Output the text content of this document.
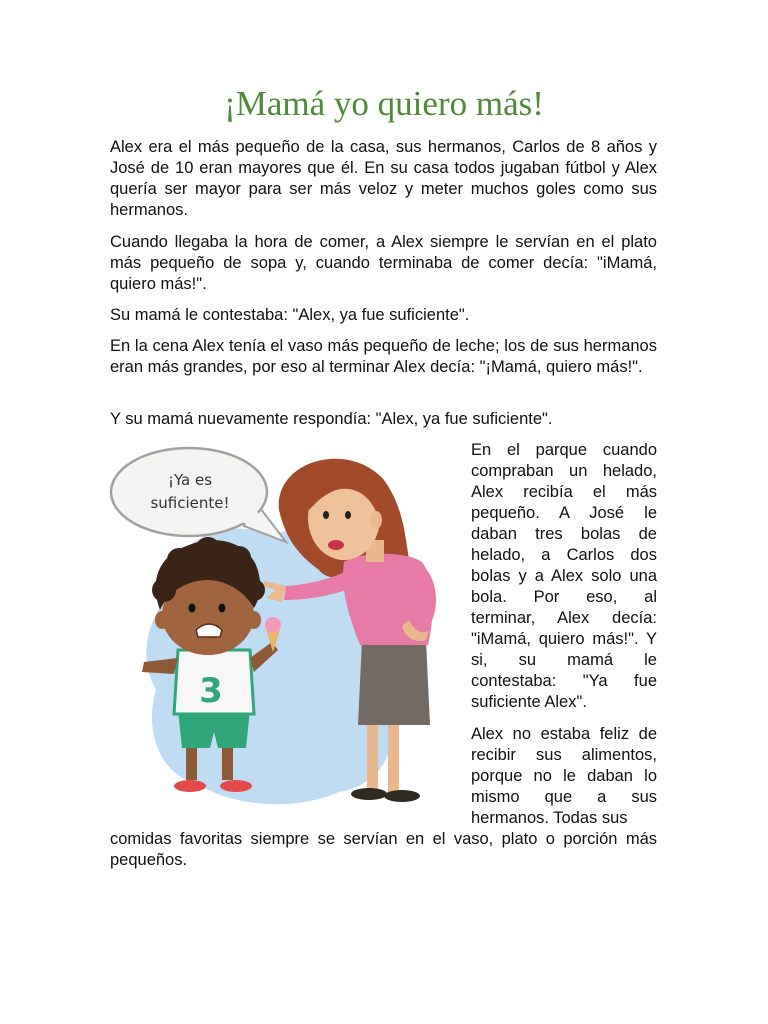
¡Mamá yo quiero más!

Alex era el más pequeño de la casa, sus hermanos, Carlos de 8 años y José de 10 eran mayores que él. En su casa todos jugaban fútbol y Alex quería ser mayor para ser más veloz y meter muchos goles como sus hermanos.

Cuando llegaba la hora de comer, a Alex siempre le servían en el plato más pequeño de sopa y, cuando terminaba de comer decía: "iMamá, quiero más!".

Su mamá le contestaba: "Alex, ya fue suficiente".

En la cena Alex tenía el vaso más pequeño de leche; los de sus hermanos eran más grandes, por eso al terminar Alex decía: "¡Mamá, quiero más!".

Y su mamá nuevamente respondía: "Alex, ya fue suficiente".

En el parque cuando compraban un helado, Alex recibía el más pequeño. A José le daban tres bolas de helado, a Carlos dos bolas y a Alex solo una bola. Por eso, al terminar, Alex decía: "iMamá, quiero más!". Y si, su mamá le contestaba: "Ya fue suficiente Alex".

Alex no estaba feliz de recibir sus alimentos, porque no le daban lo mismo que a sus hermanos. Todas sus

comidas favoritas siempre se servían en el vaso, plato o porción más pequeños.

¡Ya es
suficiente!
3
